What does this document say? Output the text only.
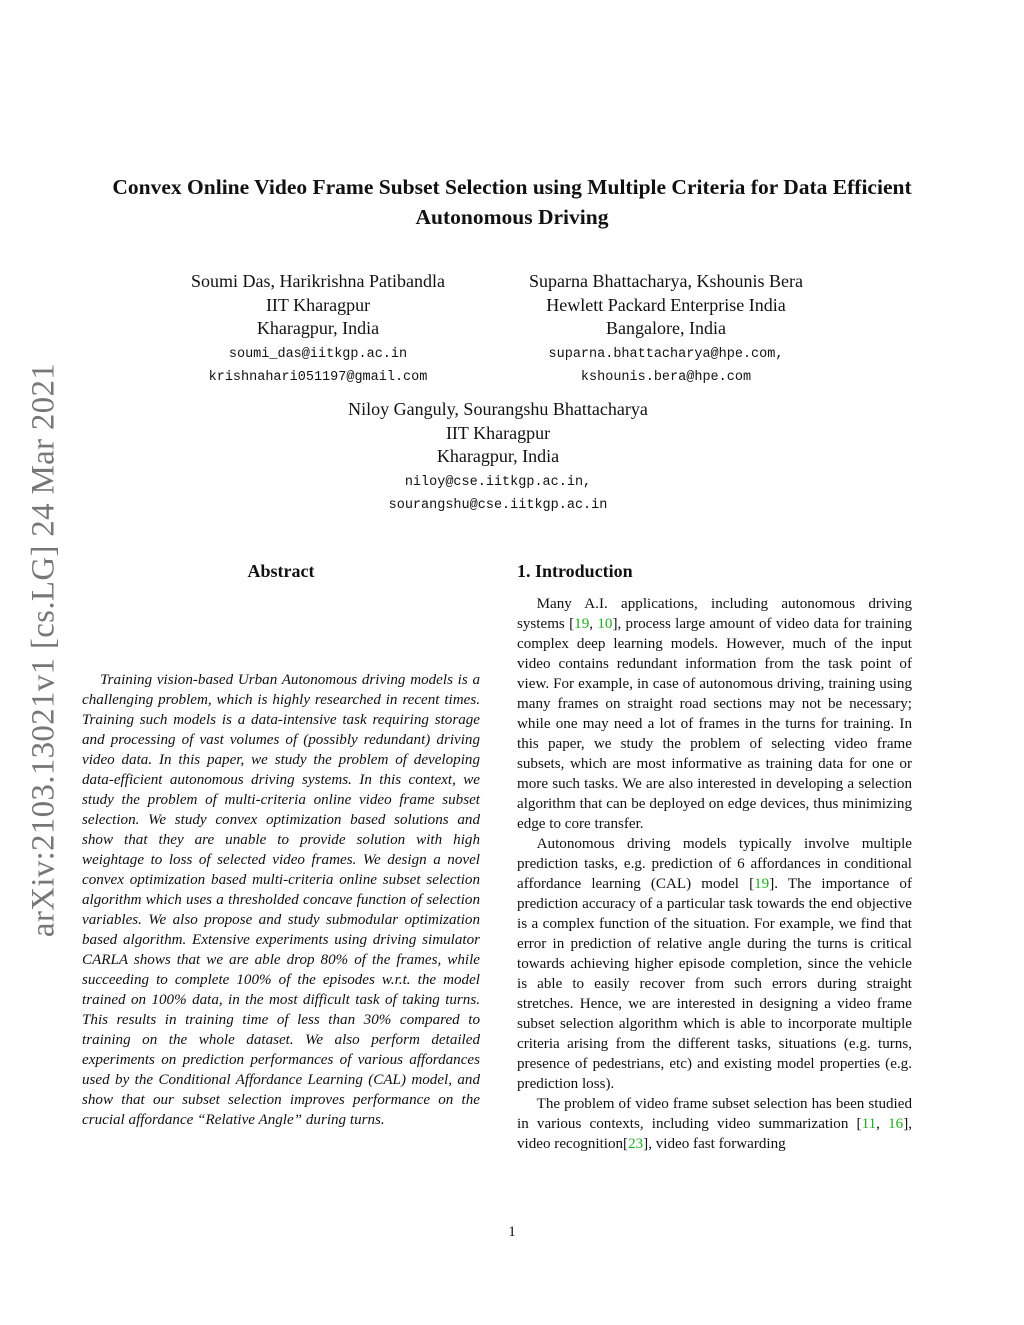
arXiv:2103.13021v1 [cs.LG] 24 Mar 2021
Convex Online Video Frame Subset Selection using Multiple Criteria for Data Efficient Autonomous Driving
Soumi Das, Harikrishna Patibandla
IIT Kharagpur
Kharagpur, India
soumi_das@iitkgp.ac.in
krishnahari051197@gmail.com
Suparna Bhattacharya, Kshounis Bera
Hewlett Packard Enterprise India
Bangalore, India
suparna.bhattacharya@hpe.com,
kshounis.bera@hpe.com
Niloy Ganguly, Sourangshu Bhattacharya
IIT Kharagpur
Kharagpur, India
niloy@cse.iitkgp.ac.in,
sourangshu@cse.iitkgp.ac.in
Abstract

Training vision-based Urban Autonomous driving models is a challenging problem, which is highly researched in recent times. Training such models is a data-intensive task requiring storage and processing of vast volumes of (possibly redundant) driving video data. In this paper, we study the problem of developing data-efficient autonomous driving systems. In this context, we study the problem of multi-criteria online video frame subset selection. We study convex optimization based solutions and show that they are unable to provide solution with high weightage to loss of selected video frames. We design a novel convex optimization based multi-criteria online subset selection algorithm which uses a thresholded concave function of selection variables. We also propose and study submodular optimization based algorithm. Extensive experiments using driving simulator CARLA shows that we are able drop 80% of the frames, while succeeding to complete 100% of the episodes w.r.t. the model trained on 100% data, in the most difficult task of taking turns. This results in training time of less than 30% compared to training on the whole dataset. We also perform detailed experiments on prediction performances of various affordances used by the Conditional Affordance Learning (CAL) model, and show that our subset selection improves performance on the crucial affordance “Relative Angle” during turns.

1. Introduction

Many A.I. applications, including autonomous driving systems [19, 10], process large amount of video data for training complex deep learning models. However, much of the input video contains redundant information from the task point of view. For example, in case of autonomous driving, training using many frames on straight road sections may not be necessary; while one may need a lot of frames in the turns for training. In this paper, we study the problem of selecting video frame subsets, which are most informative as training data for one or more such tasks. We are also interested in developing a selection algorithm that can be deployed on edge devices, thus minimizing edge to core transfer.

Autonomous driving models typically involve multiple prediction tasks, e.g. prediction of 6 affordances in conditional affordance learning (CAL) model [19]. The importance of prediction accuracy of a particular task towards the end objective is a complex function of the situation. For example, we find that error in prediction of relative angle during the turns is critical towards achieving higher episode completion, since the vehicle is able to easily recover from such errors during straight stretches. Hence, we are interested in designing a video frame subset selection algorithm which is able to incorporate multiple criteria arising from the different tasks, situations (e.g. turns, presence of pedestrians, etc) and existing model properties (e.g. prediction loss).

The problem of video frame subset selection has been studied in various contexts, including video summarization [11, 16], video recognition[23], video fast forwarding

1
